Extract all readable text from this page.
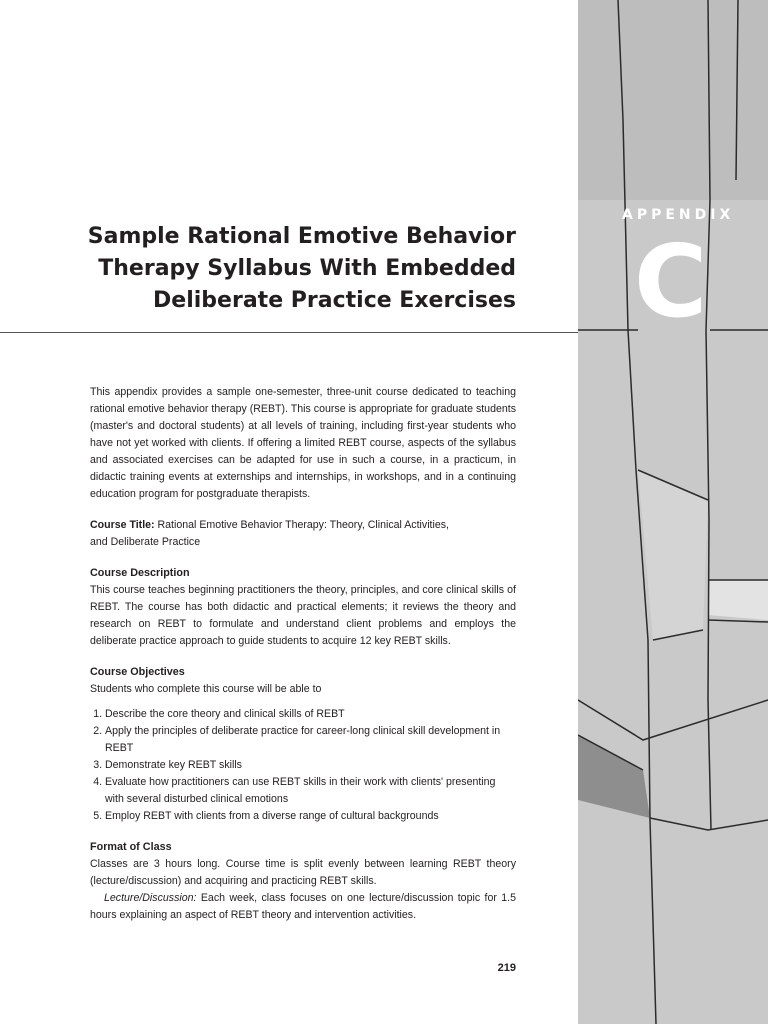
APPENDIX
C
Sample Rational Emotive Behavior
Therapy Syllabus With Embedded
Deliberate Practice Exercises

This appendix provides a sample one-semester, three-unit course dedicated to teaching rational emotive behavior therapy (REBT). This course is appropriate for graduate students (master's and doctoral students) at all levels of training, including first-year students who have not yet worked with clients. If offering a limited REBT course, aspects of the syllabus and associated exercises can be adapted for use in such a course, in a practicum, in didactic training events at externships and internships, in workshops, and in a continuing education program for postgraduate therapists.

Course Title: Rational Emotive Behavior Therapy: Theory, Clinical Activities,
and Deliberate Practice

Course Description

This course teaches beginning practitioners the theory, principles, and core clinical skills of REBT. The course has both didactic and practical elements; it reviews the theory and research on REBT to formulate and understand client problems and employs the deliberate practice approach to guide students to acquire 12 key REBT skills.

Course Objectives

Students who complete this course will be able to

1. Describe the core theory and clinical skills of REBT
2. Apply the principles of deliberate practice for career-long clinical skill development in REBT
3. Demonstrate key REBT skills
4. Evaluate how practitioners can use REBT skills in their work with clients' presenting with several disturbed clinical emotions
5. Employ REBT with clients from a diverse range of cultural backgrounds

Format of Class

Classes are 3 hours long. Course time is split evenly between learning REBT theory (lecture/discussion) and acquiring and practicing REBT skills.

Lecture/Discussion: Each week, class focuses on one lecture/discussion topic for 1.5 hours explaining an aspect of REBT theory and intervention activities.

219
